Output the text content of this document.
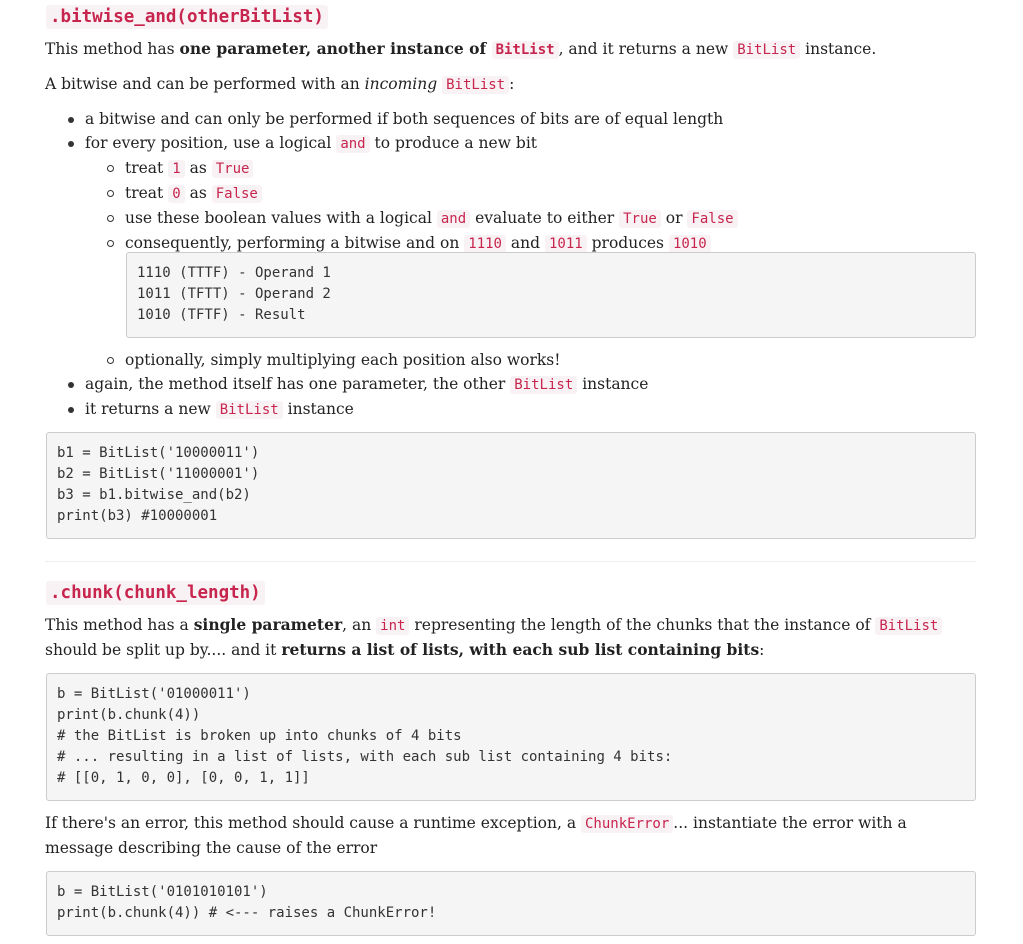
.bitwise_and(otherBitList)

This method has one parameter, another instance of BitList , and it returns a new BitList instance.

A bitwise and can be performed with an incoming BitList :

a bitwise and can only be performed if both sequences of bits are of equal length
for every position, use a logical and to produce a new bit
treat 1 as True
treat 0 as False
use these boolean values with a logical and evaluate to either True or False
consequently, performing a bitwise and on 1110 and 1011 produces 1010
1110 (TTTF) - Operand 1
1011 (TFTT) - Operand 2
1010 (TFTF) - Result
optionally, simply multiplying each position also works!
again, the method itself has one parameter, the other BitList instance
it returns a new BitList instance
b1 = BitList('10000011')
b2 = BitList('11000001')
b3 = b1.bitwise_and(b2)
print(b3) #10000001
.chunk(chunk_length)

This method has a single parameter, an int representing the length of the chunks that the instance of BitList should be split up by.... and it returns a list of lists, with each sub list containing bits:

b = BitList('01000011')
print(b.chunk(4))
# the BitList is broken up into chunks of 4 bits
# ... resulting in a list of lists, with each sub list containing 4 bits:
# [[0, 1, 0, 0], [0, 0, 1, 1]]

If there's an error, this method should cause a runtime exception, a ChunkError ... instantiate the error with a message describing the cause of the error

b = BitList('0101010101')
print(b.chunk(4)) # <--- raises a ChunkError!
